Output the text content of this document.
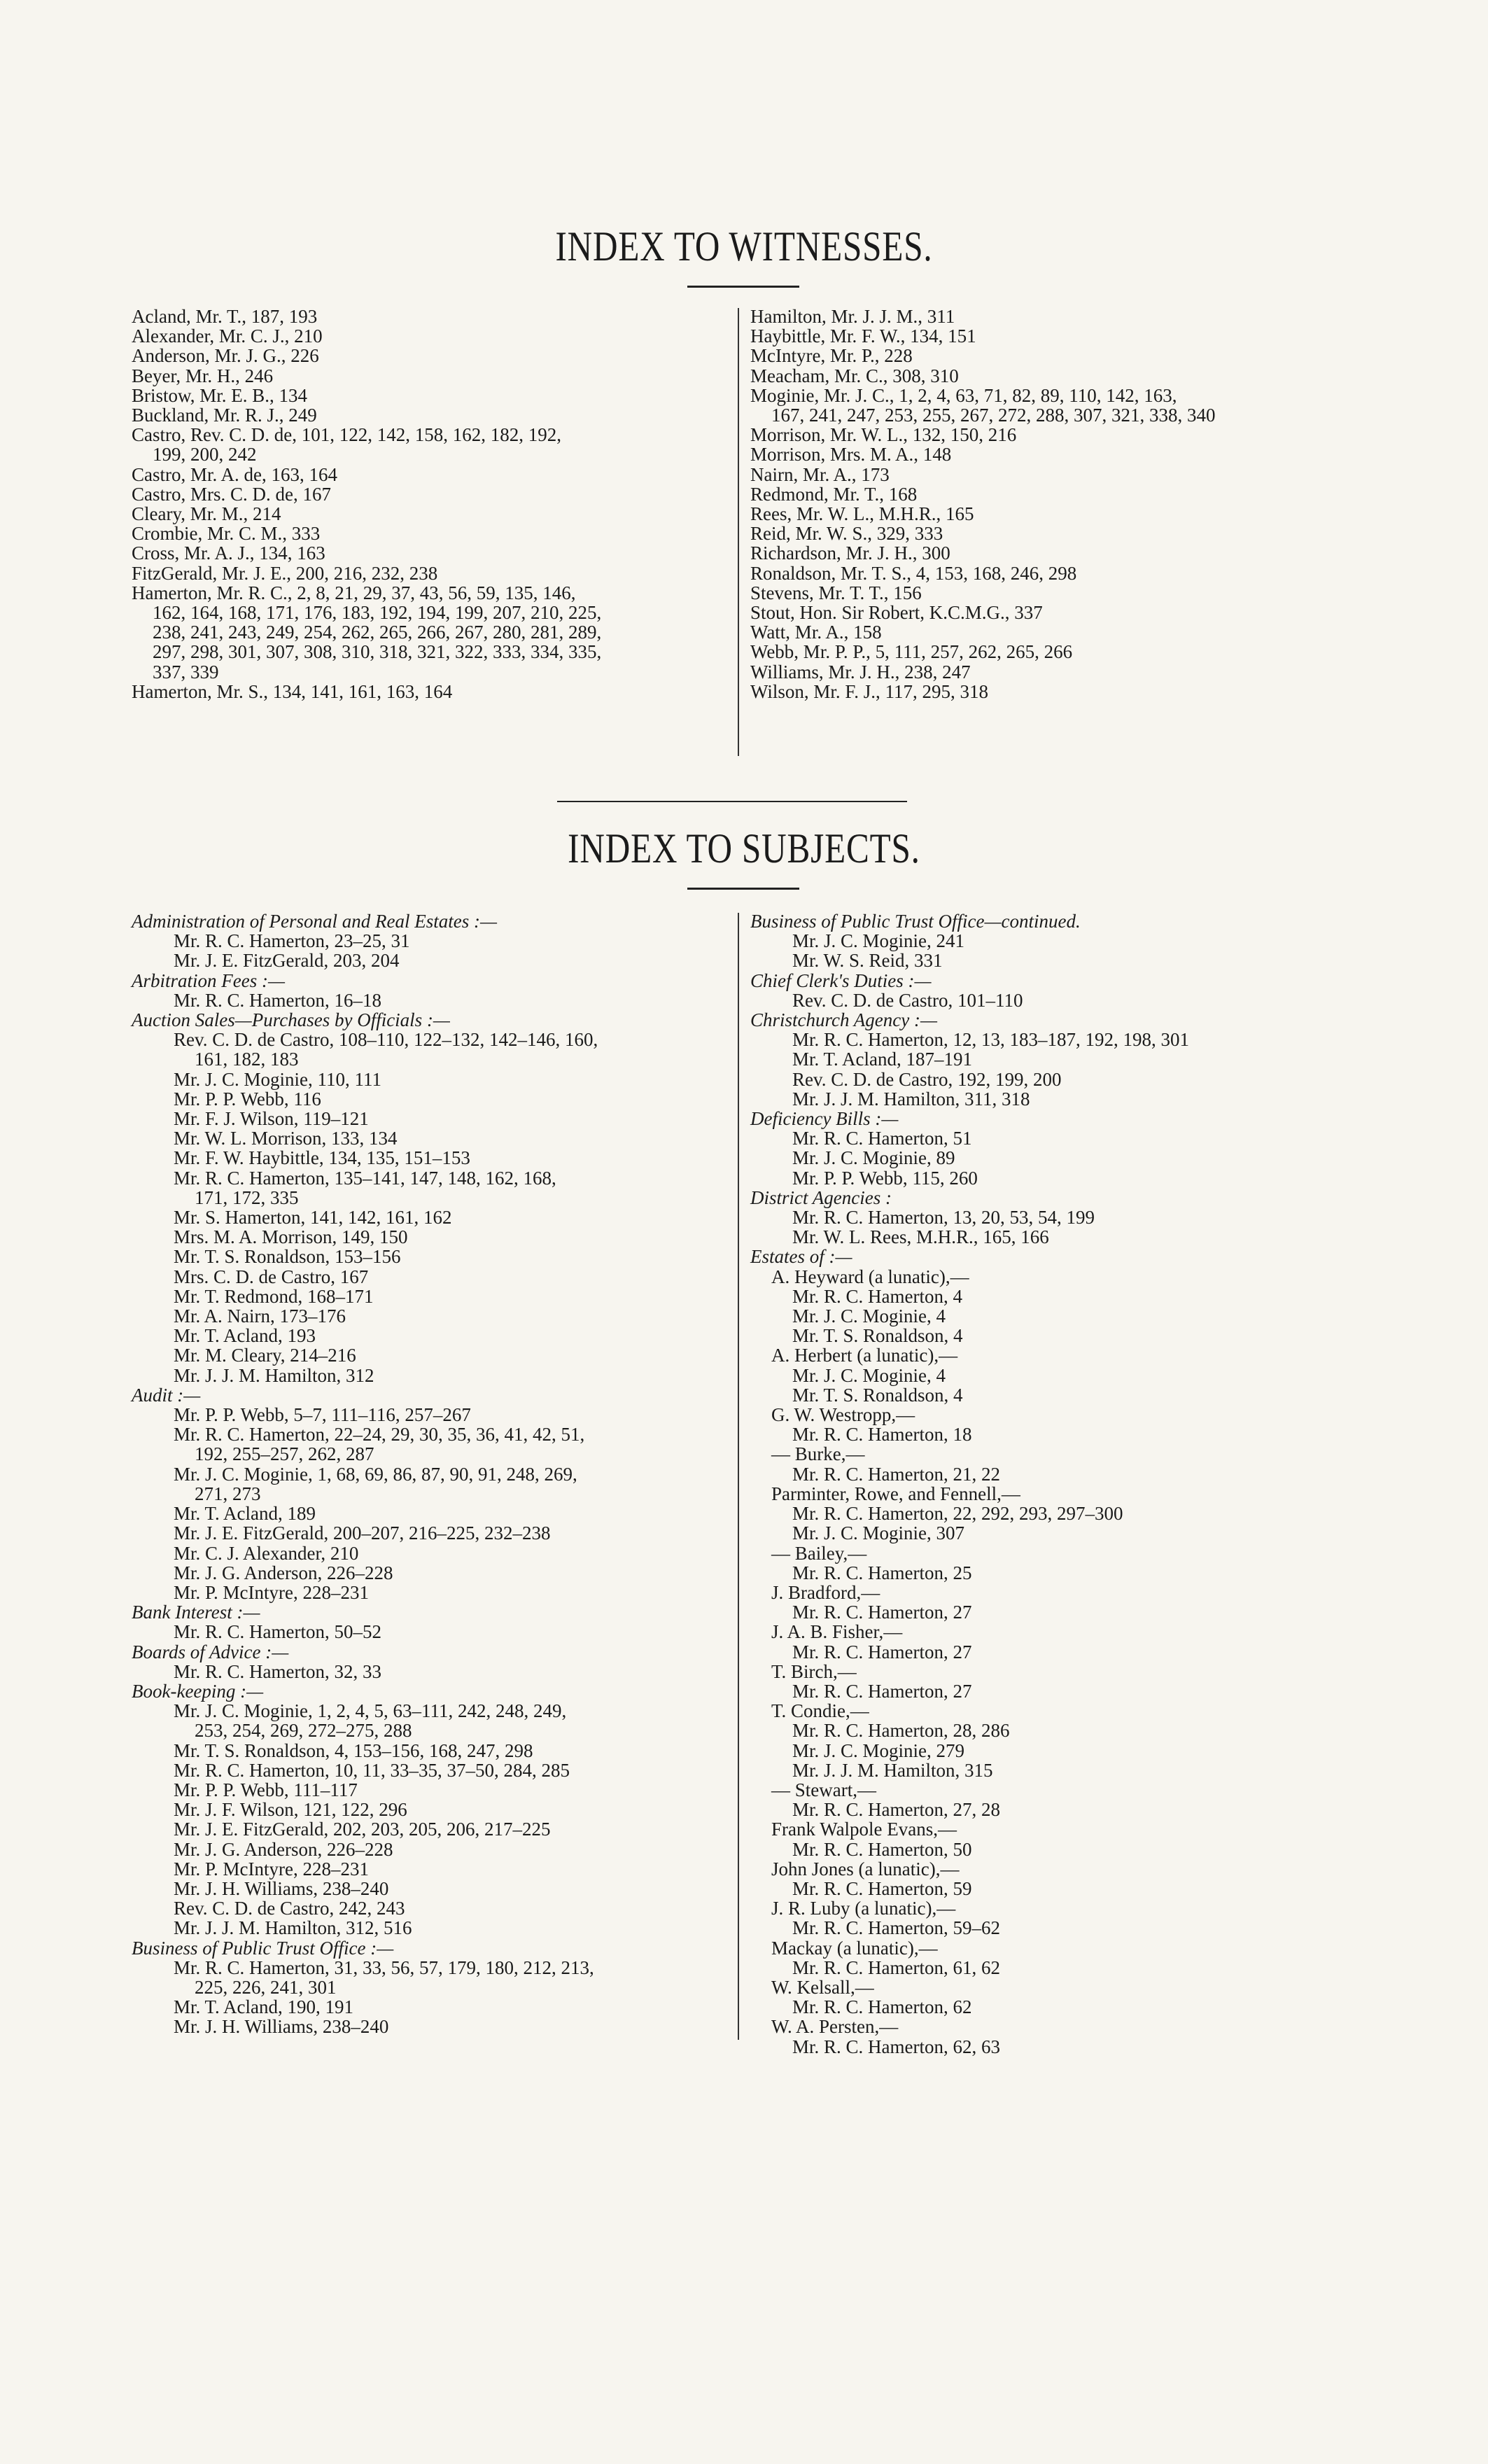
INDEX TO WITNESSES.
Acland, Mr. T., 187, 193
Alexander, Mr. C. J., 210
Anderson, Mr. J. G., 226
Beyer, Mr. H., 246
Bristow, Mr. E. B., 134
Buckland, Mr. R. J., 249
Castro, Rev. C. D. de, 101, 122, 142, 158, 162, 182, 192,
199, 200, 242
Castro, Mr. A. de, 163, 164
Castro, Mrs. C. D. de, 167
Cleary, Mr. M., 214
Crombie, Mr. C. M., 333
Cross, Mr. A. J., 134, 163
FitzGerald, Mr. J. E., 200, 216, 232, 238
Hamerton, Mr. R. C., 2, 8, 21, 29, 37, 43, 56, 59, 135, 146,
162, 164, 168, 171, 176, 183, 192, 194, 199, 207, 210, 225,
238, 241, 243, 249, 254, 262, 265, 266, 267, 280, 281, 289,
297, 298, 301, 307, 308, 310, 318, 321, 322, 333, 334, 335,
337, 339
Hamerton, Mr. S., 134, 141, 161, 163, 164
Hamilton, Mr. J. J. M., 311
Haybittle, Mr. F. W., 134, 151
McIntyre, Mr. P., 228
Meacham, Mr. C., 308, 310
Moginie, Mr. J. C., 1, 2, 4, 63, 71, 82, 89, 110, 142, 163,
167, 241, 247, 253, 255, 267, 272, 288, 307, 321, 338, 340
Morrison, Mr. W. L., 132, 150, 216
Morrison, Mrs. M. A., 148
Nairn, Mr. A., 173
Redmond, Mr. T., 168
Rees, Mr. W. L., M.H.R., 165
Reid, Mr. W. S., 329, 333
Richardson, Mr. J. H., 300
Ronaldson, Mr. T. S., 4, 153, 168, 246, 298
Stevens, Mr. T. T., 156
Stout, Hon. Sir Robert, K.C.M.G., 337
Watt, Mr. A., 158
Webb, Mr. P. P., 5, 111, 257, 262, 265, 266
Williams, Mr. J. H., 238, 247
Wilson, Mr. F. J., 117, 295, 318
INDEX TO SUBJECTS.
Administration of Personal and Real Estates :—
Mr. R. C. Hamerton, 23–25, 31
Mr. J. E. FitzGerald, 203, 204
Arbitration Fees :—
Mr. R. C. Hamerton, 16–18
Auction Sales—Purchases by Officials :—
Rev. C. D. de Castro, 108–110, 122–132, 142–146, 160,
161, 182, 183
Mr. J. C. Moginie, 110, 111
Mr. P. P. Webb, 116
Mr. F. J. Wilson, 119–121
Mr. W. L. Morrison, 133, 134
Mr. F. W. Haybittle, 134, 135, 151–153
Mr. R. C. Hamerton, 135–141, 147, 148, 162, 168,
171, 172, 335
Mr. S. Hamerton, 141, 142, 161, 162
Mrs. M. A. Morrison, 149, 150
Mr. T. S. Ronaldson, 153–156
Mrs. C. D. de Castro, 167
Mr. T. Redmond, 168–171
Mr. A. Nairn, 173–176
Mr. T. Acland, 193
Mr. M. Cleary, 214–216
Mr. J. J. M. Hamilton, 312
Audit :—
Mr. P. P. Webb, 5–7, 111–116, 257–267
Mr. R. C. Hamerton, 22–24, 29, 30, 35, 36, 41, 42, 51,
192, 255–257, 262, 287
Mr. J. C. Moginie, 1, 68, 69, 86, 87, 90, 91, 248, 269,
271, 273
Mr. T. Acland, 189
Mr. J. E. FitzGerald, 200–207, 216–225, 232–238
Mr. C. J. Alexander, 210
Mr. J. G. Anderson, 226–228
Mr. P. McIntyre, 228–231
Bank Interest :—
Mr. R. C. Hamerton, 50–52
Boards of Advice :—
Mr. R. C. Hamerton, 32, 33
Book-keeping :—
Mr. J. C. Moginie, 1, 2, 4, 5, 63–111, 242, 248, 249,
253, 254, 269, 272–275, 288
Mr. T. S. Ronaldson, 4, 153–156, 168, 247, 298
Mr. R. C. Hamerton, 10, 11, 33–35, 37–50, 284, 285
Mr. P. P. Webb, 111–117
Mr. J. F. Wilson, 121, 122, 296
Mr. J. E. FitzGerald, 202, 203, 205, 206, 217–225
Mr. J. G. Anderson, 226–228
Mr. P. McIntyre, 228–231
Mr. J. H. Williams, 238–240
Rev. C. D. de Castro, 242, 243
Mr. J. J. M. Hamilton, 312, 516
Business of Public Trust Office :—
Mr. R. C. Hamerton, 31, 33, 56, 57, 179, 180, 212, 213,
225, 226, 241, 301
Mr. T. Acland, 190, 191
Mr. J. H. Williams, 238–240
Business of Public Trust Office—continued.
Mr. J. C. Moginie, 241
Mr. W. S. Reid, 331
Chief Clerk's Duties :—
Rev. C. D. de Castro, 101–110
Christchurch Agency :—
Mr. R. C. Hamerton, 12, 13, 183–187, 192, 198, 301
Mr. T. Acland, 187–191
Rev. C. D. de Castro, 192, 199, 200
Mr. J. J. M. Hamilton, 311, 318
Deficiency Bills :—
Mr. R. C. Hamerton, 51
Mr. J. C. Moginie, 89
Mr. P. P. Webb, 115, 260
District Agencies :
Mr. R. C. Hamerton, 13, 20, 53, 54, 199
Mr. W. L. Rees, M.H.R., 165, 166
Estates of :—
A. Heyward (a lunatic),—
Mr. R. C. Hamerton, 4
Mr. J. C. Moginie, 4
Mr. T. S. Ronaldson, 4
A. Herbert (a lunatic),—
Mr. J. C. Moginie, 4
Mr. T. S. Ronaldson, 4
G. W. Westropp,—
Mr. R. C. Hamerton, 18
— Burke,—
Mr. R. C. Hamerton, 21, 22
Parminter, Rowe, and Fennell,—
Mr. R. C. Hamerton, 22, 292, 293, 297–300
Mr. J. C. Moginie, 307
— Bailey,—
Mr. R. C. Hamerton, 25
J. Bradford,—
Mr. R. C. Hamerton, 27
J. A. B. Fisher,—
Mr. R. C. Hamerton, 27
T. Birch,—
Mr. R. C. Hamerton, 27
T. Condie,—
Mr. R. C. Hamerton, 28, 286
Mr. J. C. Moginie, 279
Mr. J. J. M. Hamilton, 315
— Stewart,—
Mr. R. C. Hamerton, 27, 28
Frank Walpole Evans,—
Mr. R. C. Hamerton, 50
John Jones (a lunatic),—
Mr. R. C. Hamerton, 59
J. R. Luby (a lunatic),—
Mr. R. C. Hamerton, 59–62
Mackay (a lunatic),—
Mr. R. C. Hamerton, 61, 62
W. Kelsall,—
Mr. R. C. Hamerton, 62
W. A. Persten,—
Mr. R. C. Hamerton, 62, 63
